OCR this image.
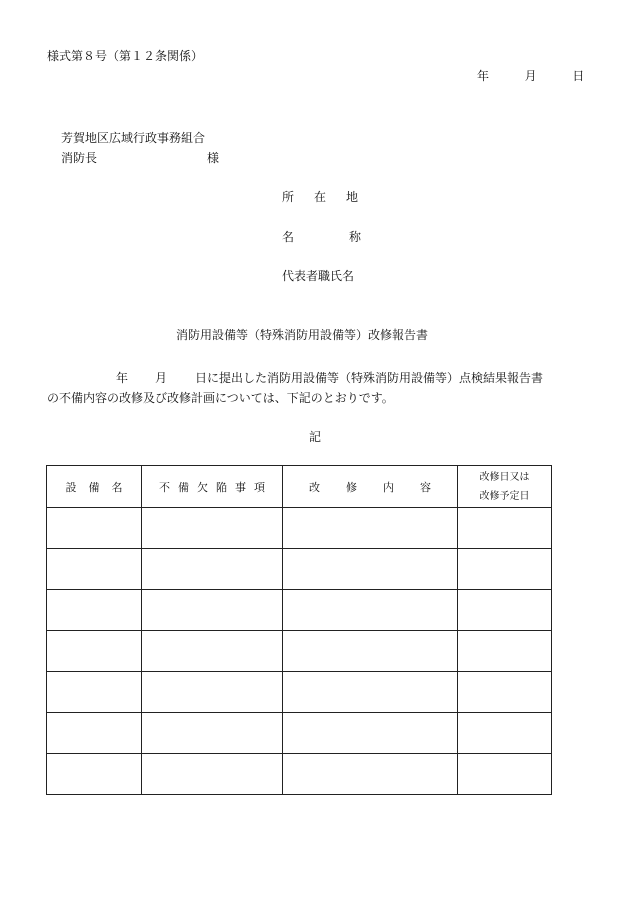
様式第８号（第１２条関係）
年	月	日
芳賀地区広域行政事務組合
消防長	様
所 在 地
名	称
代表者職氏名
消防用設備等（特殊消防用設備等）改修報告書
年 月 日に提出した消防用設備等（特殊消防用設備等）点検結果報告書
の不備内容の改修及び改修計画については、下記のとおりです。
記
設 備 名	不 備 欠 陥 事 項	改 修 内 容	改修日又は
改修予定日
